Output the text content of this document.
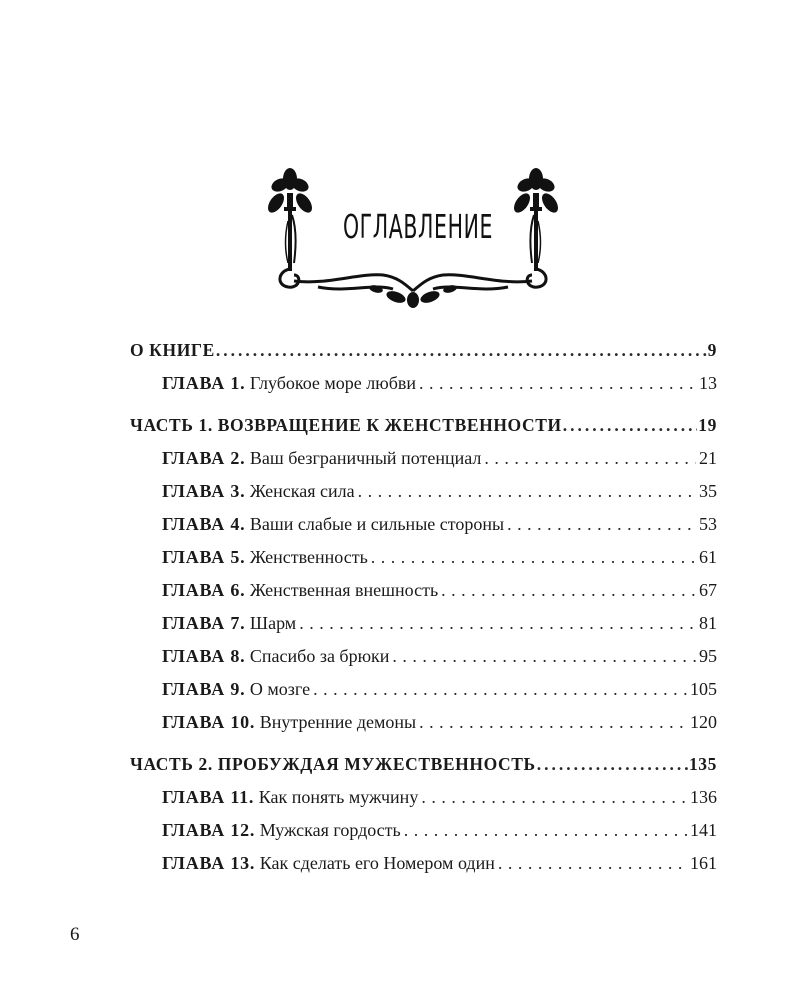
ОГЛАВЛЕНИЕ
О КНИГЕ .....	9
ГЛАВА 1. Глубокое море любви . . .	13
ЧАСТЬ 1. ВОЗВРАЩЕНИЕ К ЖЕНСТВЕННОСТИ .....	19
ГЛАВА 2. Ваш безграничный потенциал . . .	21
ГЛАВА 3. Женская сила . . .	35
ГЛАВА 4. Ваши слабые и сильные стороны . . .	53
ГЛАВА 5. Женственность . . .	61
ГЛАВА 6. Женственная внешность . . .	67
ГЛАВА 7. Шарм . . .	81
ГЛАВА 8. Спасибо за брюки . . .	95
ГЛАВА 9. О мозге . . .	105
ГЛАВА 10. Внутренние демоны . . .	120
ЧАСТЬ 2. ПРОБУЖДАЯ МУЖЕСТВЕННОСТЬ .....	135
ГЛАВА 11. Как понять мужчину . . .	136
ГЛАВА 12. Мужская гордость . . .	141
ГЛАВА 13. Как сделать его Номером один . . .	161
6
